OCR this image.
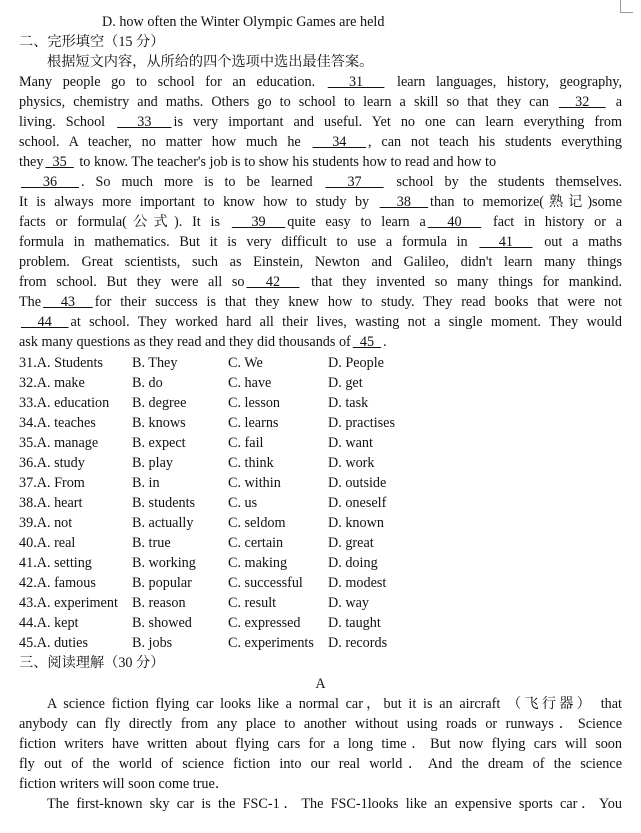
D. how often the Winter Olympic Games are held
二、完形填空（15 分）
根据短文内容，从所给的四个选项中选出最佳答案。
Many people go to school for an education.   31   learn languages, history, geography,
physics, chemistry and maths. Others go to school to learn a skill so that they can   32   a
living. School   33  is very important and useful. Yet no one can learn everything from
school. A teacher, no matter how much he   34  , can not teach his students everything
they  35   to know. The teacher's job is to show his students how to read and how to
36  . So much more is to be learned   37   school by the students themselves.
It is always more important to know how to study by   38  than to memorize(熟记)some
facts or formula(公式). It is   39  quite easy to learn a  40   fact in history or a
formula in mathematics. But it is very difficult to use a formula in   41   out a maths
problem. Great scientists, such as Einstein, Newton and Galileo, didn't learn many things
from school. But they were all so  42   that they invented so many things for mankind.
The  43  for their success is that they knew how to study. They read books that were not
44  at school. They worked hard all their lives, wasting not a single moment. They would
ask many questions as they read and they did thousands of  45  .
31.A. Students B. They	C. We	D. People
32.A. make	B. do	C. have	D. get
33.A. education B. degree	C. lesson	D. task
34.A. teaches	B. knows	C. learns	D. practises
35.A. manage B. expect	C. fail	D. want
36.A. study	B. play	C. think	D. work
37.A. From	B. in	C. within	D. outside
38.A. heart	B. students C. us	D. oneself
39.A. not	B. actually C. seldom	D. known
40.A. real	B. true	C. certain	D. great
41.A. setting	B. working C. making	D. doing
42.A. famous	B. popular	C. successful D. modest
43.A. experiment B. reason	C. result	D. way
44.A. kept	B. showed	C. expressed D. taught
45.A. duties	B. jobs	C. experiments D. records
三、阅读理解（30 分）
A
A science fiction flying car looks like a normal car，but it is an aircraft （飞行器） that
anybody can fly directly from any place to another without using roads or runways．Science
fiction writers have written about flying cars for a long time．But now flying cars will soon
fly out of the world of science fiction into our real world．And the dream of the science
fiction writers will soon come true．
The first-known sky car is the FSC-1．The FSC-1looks like an expensive sports car．You
